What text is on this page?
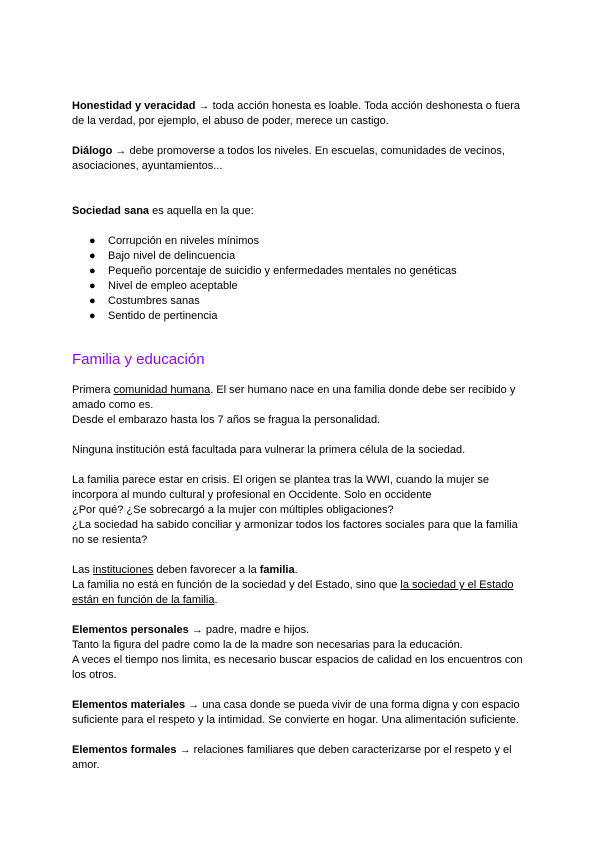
Honestidad y veracidad → toda acción honesta es loable. Toda acción deshonesta o fuera de la verdad, por ejemplo, el abuso de poder, merece un castigo.

Diálogo → debe promoverse a todos los niveles. En escuelas, comunidades de vecinos, asociaciones, ayuntamientos...

Sociedad sana es aquella en la que:

● Corrupción en niveles mínimos
● Bajo nivel de delincuencia
● Pequeño porcentaje de suicidio y enfermedades mentales no genéticas
● Nivel de empleo aceptable
● Costumbres sanas
● Sentido de pertinencia
Familia y educación

Primera comunidad humana. El ser humano nace en una familia donde debe ser recibido y amado como es.

Desde el embarazo hasta los 7 años se fragua la personalidad.

Ninguna institución está facultada para vulnerar la primera célula de la sociedad.

La familia parece estar en crisis. El origen se plantea tras la WWI, cuando la mujer se incorpora al mundo cultural y profesional en Occidente. Solo en occidente

¿Por qué? ¿Se sobrecargó a la mujer con múltiples obligaciones?

¿La sociedad ha sabido conciliar y armonizar todos los factores sociales para que la familia no se resienta?

Las instituciones deben favorecer a la familia.

La familia no está en función de la sociedad y del Estado, sino que la sociedad y el Estado están en función de la familia.

Elementos personales → padre, madre e hijos.

Tanto la figura del padre como la de la madre son necesarias para la educación.

A veces el tiempo nos limita, es necesario buscar espacios de calidad en los encuentros con los otros.

Elementos materiales → una casa donde se pueda vivir de una forma digna y con espacio suficiente para el respeto y la intimidad. Se convierte en hogar. Una alimentación suficiente.

Elementos formales → relaciones familiares que deben caracterizarse por el respeto y el amor.
